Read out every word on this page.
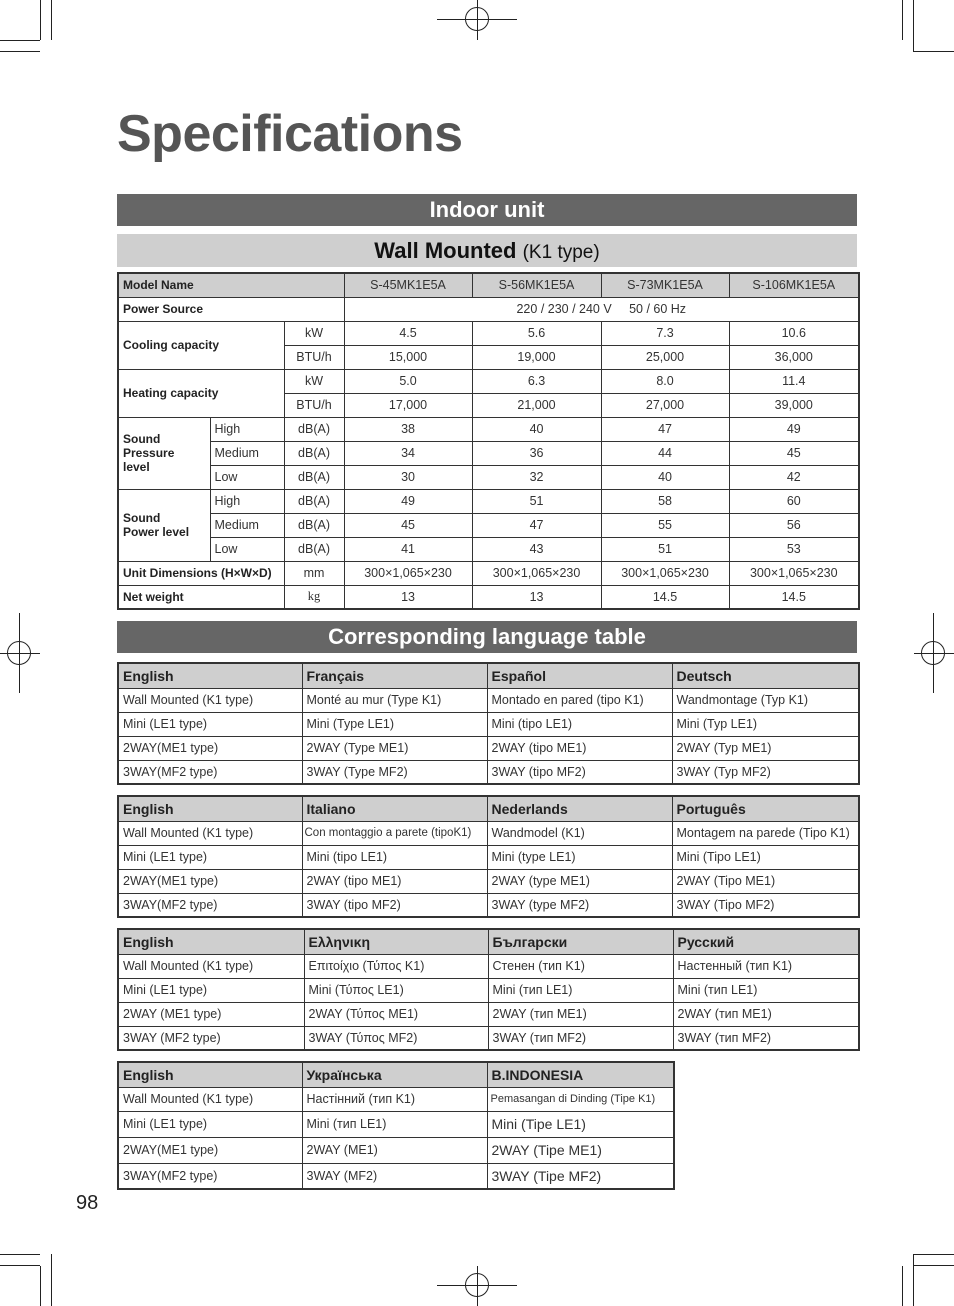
Specifications
Indoor unit
Wall Mounted (K1 type)
Model Name			S-45MK1E5A	S-56MK1E5A	S-73MK1E5A	S-106MK1E5A
Power Source			220 / 230 / 240 V     50 / 60 Hz			
Cooling capacity		kW	4.5	5.6	7.3	10.6
		BTU/h	15,000	19,000	25,000	36,000
Heating capacity		kW	5.0	6.3	8.0	11.4
		BTU/h	17,000	21,000	27,000	39,000
Sound Pressure level	High	dB(A)	38	40	47	49
	Medium	dB(A)	34	36	44	45
	Low	dB(A)	30	32	40	42
Sound Power level	High	dB(A)	49	51	58	60
	Medium	dB(A)	45	47	55	56
	Low	dB(A)	41	43	51	53
Unit Dimensions (H×W×D)		mm	300×1,065×230	300×1,065×230	300×1,065×230	300×1,065×230
Net weight		kg	13	13	14.5	14.5
Corresponding language table
English	Français	Español	Deutsch
Wall Mounted (K1 type)	Monté au mur (Type K1)	Montado en pared (tipo K1)	Wandmontage (Typ K1)
Mini (LE1 type)	Mini (Type LE1)	Mini (tipo LE1)	Mini (Typ LE1)
2WAY(ME1 type)	2WAY (Type ME1)	2WAY (tipo ME1)	2WAY (Typ ME1)
3WAY(MF2 type)	3WAY (Type MF2)	3WAY (tipo MF2)	3WAY (Typ MF2)
English	Italiano	Nederlands	Português
Wall Mounted (K1 type)	Con montaggio a parete (tipoK1)	Wandmodel (K1)	Montagem na parede (Tipo K1)
Mini (LE1 type)	Mini (tipo LE1)	Mini (type LE1)	Mini (Tipo LE1)
2WAY(ME1 type)	2WAY (tipo ME1)	2WAY (type ME1)	2WAY (Tipo ME1)
3WAY(MF2 type)	3WAY (tipo MF2)	3WAY (type MF2)	3WAY (Tipo MF2)
English	Ελληνικη	Български	Русский
Wall Mounted (K1 type)	Επιτοίχιο (Τύπος K1)	Стенен (тип K1)	Настенный (тип K1)
Mini (LE1 type)	Mini (Τύπος LE1)	Mini (тип LE1)	Mini (тип LE1)
2WAY (ME1 type)	2WAY (Τύπος ME1)	2WAY (тип ME1)	2WAY (тип ME1)
3WAY (MF2 type)	3WAY (Τύπος MF2)	3WAY (тип MF2)	3WAY (тип MF2)
English	Українська	B.INDONESIA
Wall Mounted (K1 type)	Настінний (тип K1)	Pemasangan di Dinding (Tipe K1)
Mini (LE1 type)	Mini (тип LE1)	Mini (Tipe LE1)
2WAY(ME1 type)	2WAY (ME1)	2WAY (Tipe ME1)
3WAY(MF2 type)	3WAY (MF2)	3WAY (Tipe MF2)
98
